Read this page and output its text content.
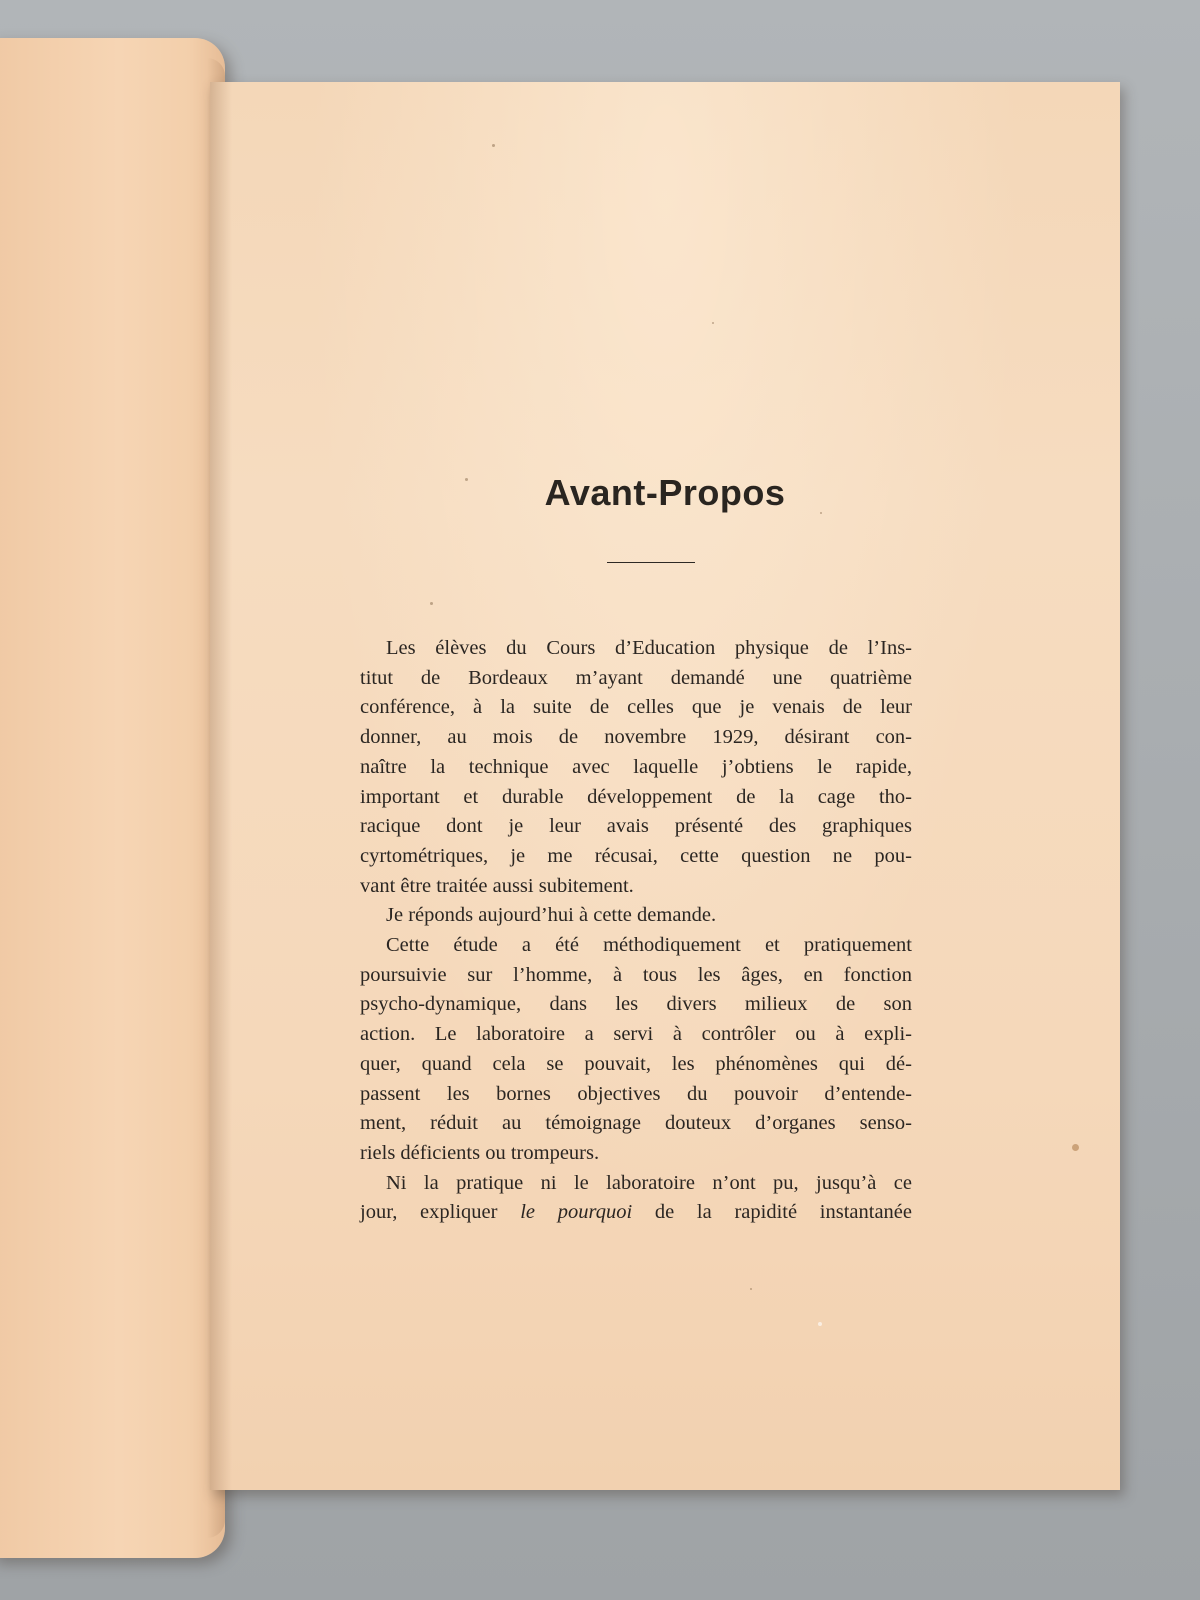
Avant-Propos
Les élèves du Cours d’Education physique de l’Ins-
titut de Bordeaux m’ayant demandé une quatrième
conférence, à la suite de celles que je venais de leur
donner, au mois de novembre 1929, désirant con-
naître la technique avec laquelle j’obtiens le rapide,
important et durable développement de la cage tho-
racique dont je leur avais présenté des graphiques
cyrtométriques, je me récusai, cette question ne pou-
vant être traitée aussi subitement.
Je réponds aujourd’hui à cette demande.
Cette étude a été méthodiquement et pratiquement
poursuivie sur l’homme, à tous les âges, en fonction
psycho-dynamique, dans les divers milieux de son
action. Le laboratoire a servi à contrôler ou à expli-
quer, quand cela se pouvait, les phénomènes qui dé-
passent les bornes objectives du pouvoir d’entende-
ment, réduit au témoignage douteux d’organes senso-
riels déficients ou trompeurs.
Ni la pratique ni le laboratoire n’ont pu, jusqu’à ce
jour, expliquer le pourquoi de la rapidité instantanée
